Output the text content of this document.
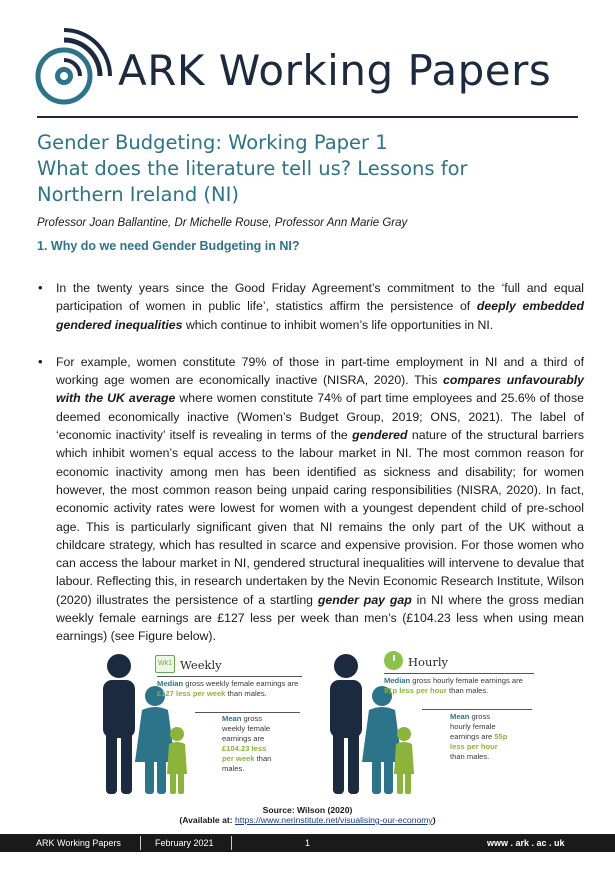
ARK Working Papers
Gender Budgeting: Working Paper 1
What does the literature tell us? Lessons for
Northern Ireland (NI)
Professor Joan Ballantine, Dr Michelle Rouse, Professor Ann Marie Gray
1. Why do we need Gender Budgeting in NI?
• In the twenty years since the Good Friday Agreement’s commitment to the ‘full and equal participation of women in public life’, statistics affirm the persistence of deeply embedded gendered inequalities which continue to inhibit women’s life opportunities in NI.
• For example, women constitute 79% of those in part-time employment in NI and a third of working age women are economically inactive (NISRA, 2020). This compares unfavourably with the UK average where women constitute 74% of part time employees and 25.6% of those deemed economically inactive (Women’s Budget Group, 2019; ONS, 2021). The label of ‘economic inactivity’ itself is revealing in terms of the gendered nature of the structural barriers which inhibit women’s equal access to the labour market in NI. The most common reason for economic inactivity among men has been identified as sickness and disability; for women however, the most common reason being unpaid caring responsibilities (NISRA, 2020). In fact, economic activity rates were lowest for women with a youngest dependent child of pre-school age. This is particularly significant given that NI remains the only part of the UK without a childcare strategy, which has resulted in scarce and expensive provision. For those women who can access the labour market in NI, gendered structural inequalities will intervene to devalue that labour. Reflecting this, in research undertaken by the Nevin Economic Research Institute, Wilson (2020) illustrates the persistence of a startling gender pay gap in NI where the gross median weekly female earnings are £127 less per week than men’s (£104.23 less when using mean earnings) (see Figure below).
Wk1 Weekly
Median gross weekly female earnings are £127 less per week than males.
Mean gross
weekly female
earnings are
£104.23 less
per week than
males.
Hourly
Median gross hourly female earnings are 91p less per hour than males.
Mean gross
hourly female
earnings are 55p
less per hour
than males.
Source: Wilson (2020)
(Available at: https://www.nerinstitute.net/visualising-our-economy)
ARK Working Papers	February 2021	1	www . ark . ac . uk
